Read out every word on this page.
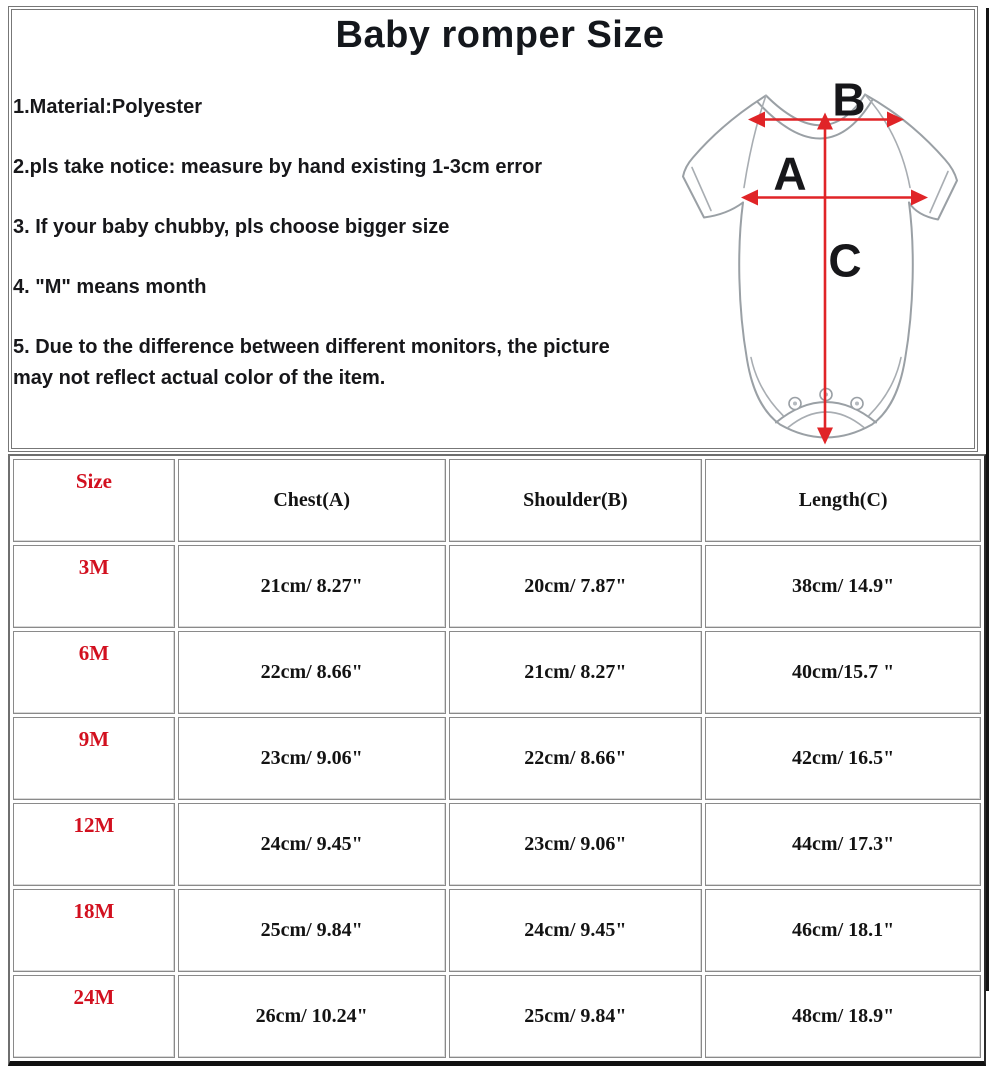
Baby romper Size

1.Material:Polyester

2.pls take notice: measure by hand existing 1-3cm error

3. If your baby chubby, pls choose bigger size

4. "M" means month

5. Due to the difference between different monitors, the picture may not reflect actual color of the item.

A
B
C
Size	Chest(A)	Shoulder(B)	Length(C)
3M	21cm/ 8.27"	20cm/ 7.87"	38cm/ 14.9"
6M	22cm/ 8.66"	21cm/ 8.27"	40cm/15.7 "
9M	23cm/ 9.06"	22cm/ 8.66"	42cm/ 16.5"
12M	24cm/ 9.45"	23cm/ 9.06"	44cm/ 17.3"
18M	25cm/ 9.84"	24cm/ 9.45"	46cm/ 18.1"
24M	26cm/ 10.24"	25cm/ 9.84"	48cm/ 18.9"
